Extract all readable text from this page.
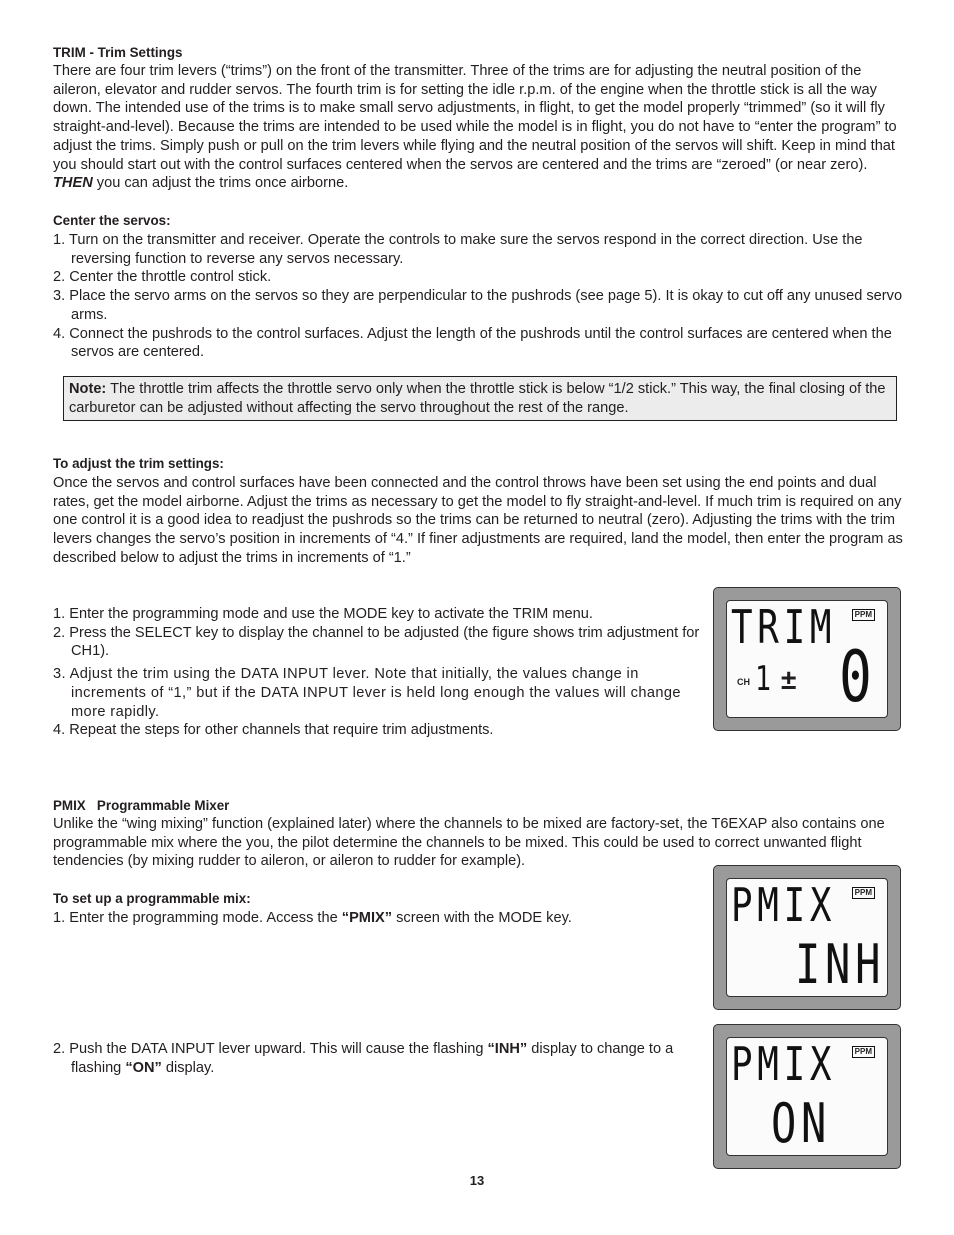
TRIM - Trim Settings

There are four trim levers (“trims”) on the front of the transmitter. Three of the trims are for adjusting the neutral position of the aileron, elevator and rudder servos. The fourth trim is for setting the idle r.p.m. of the engine when the throttle stick is all the way down. The intended use of the trims is to make small servo adjustments, in flight, to get the model properly “trimmed” (so it will fly straight-and-level). Because the trims are intended to be used while the model is in flight, you do not have to “enter the program” to adjust the trims. Simply push or pull on the trim levers while flying and the neutral position of the servos will shift. Keep in mind that you should start out with the control surfaces centered when the servos are centered and the trims are “zeroed” (or near zero). THEN you can adjust the trims once airborne.

Center the servos:

1. Turn on the transmitter and receiver. Operate the controls to make sure the servos respond in the correct direction. Use the reversing function to reverse any servos necessary.

2. Center the throttle control stick.

3. Place the servo arms on the servos so they are perpendicular to the pushrods (see page 5). It is okay to cut off any unused servo arms.

4. Connect the pushrods to the control surfaces. Adjust the length of the pushrods until the control surfaces are centered when the servos are centered.

Note: The throttle trim affects the throttle servo only when the throttle stick is below “1/2 stick.” This way, the final closing of the carburetor can be adjusted without affecting the servo throughout the rest of the range.
To adjust the trim settings:

Once the servos and control surfaces have been connected and the control throws have been set using the end points and dual rates, get the model airborne. Adjust the trims as necessary to get the model to fly straight-and-level. If much trim is required on any one control it is a good idea to readjust the pushrods so the trims can be returned to neutral (zero). Adjusting the trims with the trim levers changes the servo’s position in increments of “4.” If finer adjustments are required, land the model, then enter the program as described below to adjust the trims in increments of “1.”

1. Enter the programming mode and use the MODE key to activate the TRIM menu.

2. Press the SELECT key to display the channel to be adjusted (the figure shows trim adjustment for CH1).

3. Adjust the trim using the DATA INPUT lever. Note that initially, the values change in increments of “1,” but if the DATA INPUT lever is held long enough the values will change more rapidly.

4. Repeat the steps for other channels that require trim adjustments.

TRIM	PPM
CH 1 ± 0
PMIX Programmable Mixer

Unlike the “wing mixing” function (explained later) where the channels to be mixed are factory-set, the T6EXAP also contains one programmable mix where the you, the pilot determine the channels to be mixed. This could be used to correct unwanted flight tendencies (by mixing rudder to aileron, or aileron to rudder for example).

To set up a programmable mix:

1. Enter the programming mode. Access the “PMIX” screen with the MODE key.

2. Push the DATA INPUT lever upward. This will cause the flashing “INH” display to change to a flashing “ON” display.

PMIX	PPM
INH
PMIX	PPM
ON
13
